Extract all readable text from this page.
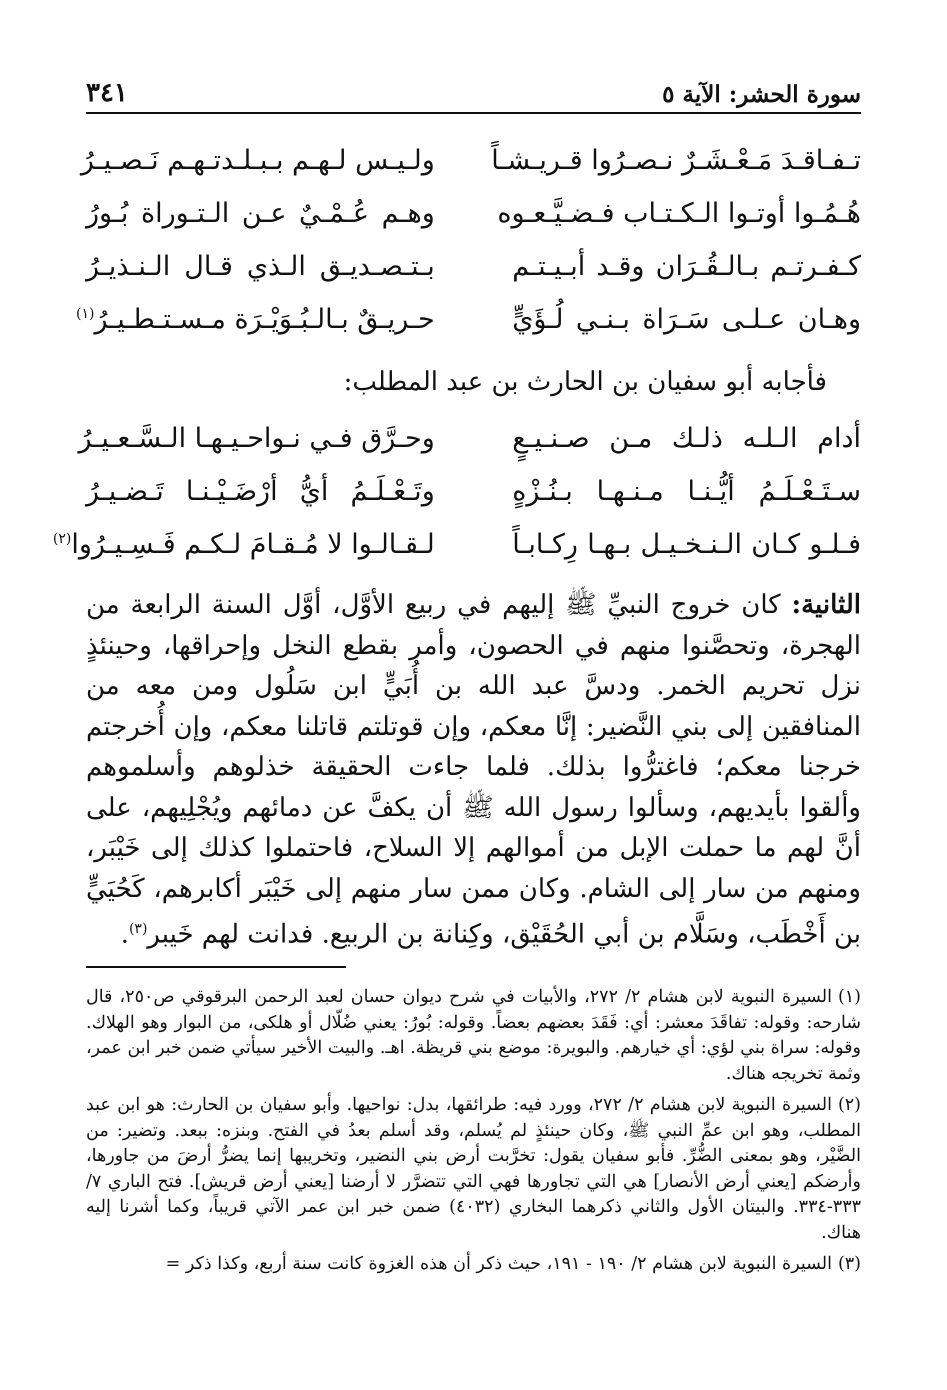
سورة الحشر: الآية ٥
٣٤١
تـفـاقـدَ مَـعْـشَـرٌ نـصـرُوا قـريـشـاً
ولـيـس لـهـم بـبـلـدتـهـم نَـصـيـرُ
هُـمُـوا أوتـوا الـكـتـاب فـضـيَّـعـوه
وهـم عُـمْـيٌ عـن الـتـوراة بُـورُ
كـفـرتـم بـالـقُـرَان وقـد أبـيـتـم
بـتـصـديـق الـذي قـال الـنـذيـرُ
وهـان عـلـى سَـرَاة بـنـي لُـؤَيٍّ
حـريـقٌ بـالـبُـوَيْـرَة مـسـتـطـيـرُ$^{(١)}$
فأجابه أبو سفيان بن الحارث بن عبد المطلب:
أدام الـلـه ذلـك مـن صـنـيـعٍ
وحـرَّق فـي نـواحـيـهـا الـسَّـعـيـرُ
سـتَـعْـلَـمُ أيُّـنـا مـنـهـا بـنُـزْهٍ
وتَـعْـلَـمُ أيُّ أرْضَـيْـنـا تَـضـيـرُ
فـلـو كـان الـنـخـيـل بـهـا رِكـابـاً
لـقـالـوا لا مُـقـامَ لـكـم فَـسِـيـرُوا$^{(٢)}$
الثانية: كان خروج النبيِّ ﷺ إليهم في ربيع الأوَّل، أوَّل السنة الرابعة من الهجرة، وتحصَّنوا منهم في الحصون، وأمر بقطع النخل وإحراقها، وحينئذٍ نزل تحريم الخمر. ودسَّ عبد الله بن أُبَيٍّ ابن سَلُول ومن معه من المنافقين إلى بني النَّضير: إنَّا معكم، وإن قوتلتم قاتلنا معكم، وإن أُخرجتم خرجنا معكم؛ فاغترُّوا بذلك. فلما جاءت الحقيقة خذلوهم وأسلموهم وألقوا بأيديهم، وسألوا رسول الله ﷺ أن يكفَّ عن دمائهم ويُجْلِيهم، على أنَّ لهم ما حملت الإبل من أموالهم إلا السلاح، فاحتملوا كذلك إلى خَيْبَر، ومنهم من سار إلى الشام. وكان ممن سار منهم إلى خَيْبَر أكابرهم، كَحُيَيٍّ بن أَخْطَب، وسَلَّام بن أبي الحُقَيْق، وكِنانة بن الربيع. فدانت لهم خَيبر$^{(٣)}$.
(١)السيرة النبوية لابن هشام ٢/ ٢٧٢، والأبيات في شرح ديوان حسان لعبد الرحمن البرقوقي ص٢٥٠، قال شارحه: وقوله: تفاقَدَ معشر: أي: فَقَدَ بعضهم بعضاً. وقوله: بُورُ: يعني ضُلّال أو هلكى، من البوار وهو الهلاك. وقوله: سراة بني لؤي: أي خيارهم. والبويرة: موضع بني قريظة. اهـ. والبيت الأخير سيأتي ضمن خبر ابن عمر، وثمة تخريجه هناك.
(٢)السيرة النبوية لابن هشام ٢/ ٢٧٢، وورد فيه: طرائقها، بدل: نواحيها. وأبو سفيان بن الحارث: هو ابن عبد المطلب، وهو ابن عمِّ النبي ﷺ، وكان حينئذٍ لم يُسلم، وقد أسلم بعدُ في الفتح. وبنزه: ببعد. وتضير: من الضَّيْر، وهو بمعنى الضُّرِّ. فأبو سفيان يقول: تخرَّبت أرض بني النضير، وتخريبها إنما يضرُّ أرضَ من جاورها، وأرضكم [يعني أرض الأنصار] هي التي تجاورها فهي التي تتضرَّر لا أرضنا [يعني أرض قريش]. فتح الباري ٧/ ٣٣٣-٣٣٤. والبيتان الأول والثاني ذكرهما البخاري (٤٠٣٢) ضمن خبر ابن عمر الآتي قريباً، وكما أشرنا إليه هناك.
(٣)السيرة النبوية لابن هشام ٢/ ١٩٠ - ١٩١، حيث ذكر أن هذه الغزوة كانت سنة أربع، وكذا ذكر =
